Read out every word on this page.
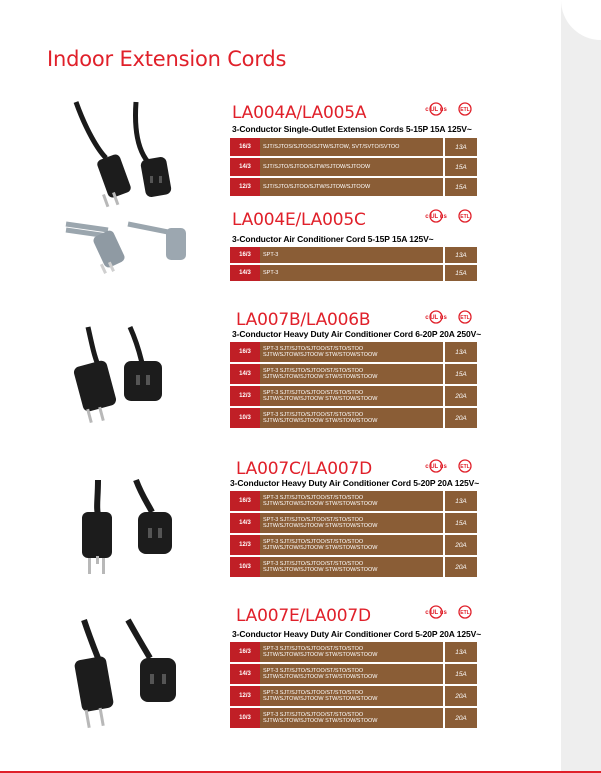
Indoor Extension Cords
LA004A/LA005A	c UL us	ETL
3-Conductor Single-Outlet Extension Cords 5-15P 15A 125V~
16/3	SJT/SJTOS/SJTOO/SJTW/SJTOW, SVT/SVTO/SVTOO	13A
14/3	SJT/SJTO/SJTOO/SJTW/SJTOW/SJTOOW	15A
12/3	SJT/SJTO/SJTOO/SJTW/SJTOW/SJTOOW	15A
LA004E/LA005C	c UL us	ETL
3-Conductor Air Conditioner Cord 5-15P 15A 125V~
16/3	SPT-3	13A
14/3	SPT-3	15A
LA007B/LA006B	c UL us	ETL
3-Conductor Heavy Duty Air Conditioner Cord 6-20P 20A 250V~
16/3	SPT-3 SJT/SJTO/SJTOO/ST/STO/STOO
SJTW/SJTOW/SJTOOW STW/STOW/STOOW	13A
14/3	SPT-3 SJT/SJTO/SJTOO/ST/STO/STOO
SJTW/SJTOW/SJTOOW STW/STOW/STOOW	15A
12/3	SPT-3 SJT/SJTO/SJTOO/ST/STO/STOO
SJTW/SJTOW/SJTOOW STW/STOW/STOOW	20A
10/3	SPT-3 SJT/SJTO/SJTOO/ST/STO/STOO
SJTW/SJTOW/SJTOOW STW/STOW/STOOW	20A
LA007C/LA007D	c UL us	ETL
3-Conductor Heavy Duty Air Conditioner Cord 5-20P 20A 125V~
16/3	SPT-3 SJT/SJTO/SJTOO/ST/STO/STOO
SJTW/SJTOW/SJTOOW STW/STOW/STOOW	13A
14/3	SPT-3 SJT/SJTO/SJTOO/ST/STO/STOO
SJTW/SJTOW/SJTOOW STW/STOW/STOOW	15A
12/3	SPT-3 SJT/SJTO/SJTOO/ST/STO/STOO
SJTW/SJTOW/SJTOOW STW/STOW/STOOW	20A
10/3	SPT-3 SJT/SJTO/SJTOO/ST/STO/STOO
SJTW/SJTOW/SJTOOW STW/STOW/STOOW	20A
LA007E/LA007D	c UL us	ETL
3-Conductor Heavy Duty Air Conditioner Cord 5-20P 20A 125V~
16/3	SPT-3 SJT/SJTO/SJTOO/ST/STO/STOO
SJTW/SJTOW/SJTOOW STW/STOW/STOOW	13A
14/3	SPT-3 SJT/SJTO/SJTOO/ST/STO/STOO
SJTW/SJTOW/SJTOOW STW/STOW/STOOW	15A
12/3	SPT-3 SJT/SJTO/SJTOO/ST/STO/STOO
SJTW/SJTOW/SJTOOW STW/STOW/STOOW	20A
10/3	SPT-3 SJT/SJTO/SJTOO/ST/STO/STOO
SJTW/SJTOW/SJTOOW STW/STOW/STOOW	20A
